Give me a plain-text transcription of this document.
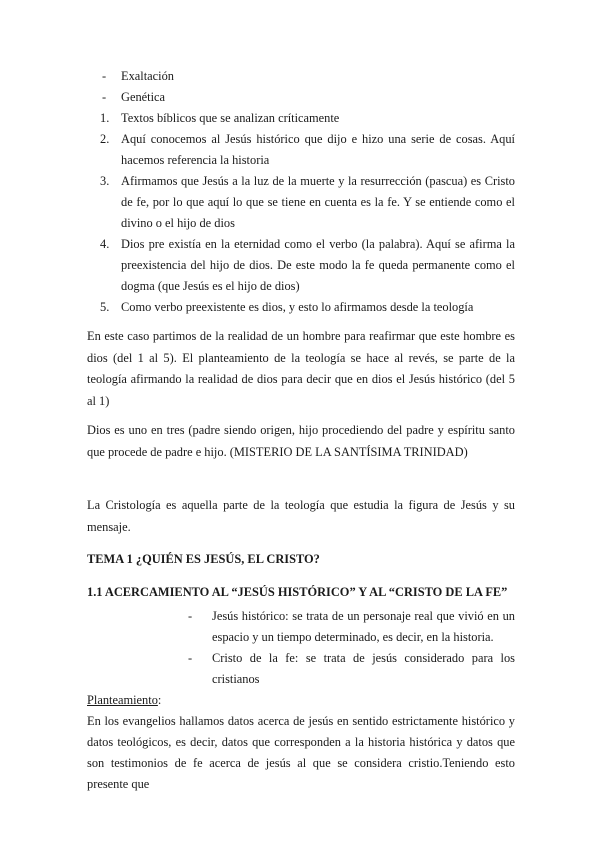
- Exaltación
- Genética
1. Textos bíblicos que se analizan críticamente
2. Aquí conocemos al Jesús histórico que dijo e hizo una serie de cosas. Aquí hacemos referencia la historia
3. Afirmamos que Jesús a la luz de la muerte y la resurrección (pascua) es Cristo de fe, por lo que aquí lo que se tiene en cuenta es la fe. Y se entiende como el divino o el hijo de dios
4. Dios pre existía en la eternidad como el verbo (la palabra). Aquí se afirma la preexistencia del hijo de dios. De este modo la fe queda permanente como el dogma (que Jesús es el hijo de dios)
5. Como verbo preexistente es dios, y esto lo afirmamos desde la teología

En este caso partimos de la realidad de un hombre para reafirmar que este hombre es dios (del 1 al 5). El planteamiento de la teología se hace al revés, se parte de la teología afirmando la realidad de dios para decir que en dios el Jesús histórico (del 5 al 1)

Dios es uno en tres (padre siendo origen, hijo procediendo del padre y espíritu santo que procede de padre e hijo. (MISTERIO DE LA SANTÍSIMA TRINIDAD)

La Cristología es aquella parte de la teología que estudia la figura de Jesús y su mensaje.

TEMA 1 ¿QUIÉN ES JESÚS, EL CRISTO?
1.1 ACERCAMIENTO AL “JESÚS HISTÓRICO” Y AL “CRISTO DE LA FE”
- Jesús histórico: se trata de un personaje real que vivió en un espacio y un tiempo determinado, es decir, en la historia.
- Cristo de la fe: se trata de jesús considerado para los cristianos

Planteamiento:

En los evangelios hallamos datos acerca de jesús en sentido estrictamente histórico y datos teológicos, es decir, datos que corresponden a la historia histórica y datos que son testimonios de fe acerca de jesús al que se considera cristio.Teniendo esto presente que
